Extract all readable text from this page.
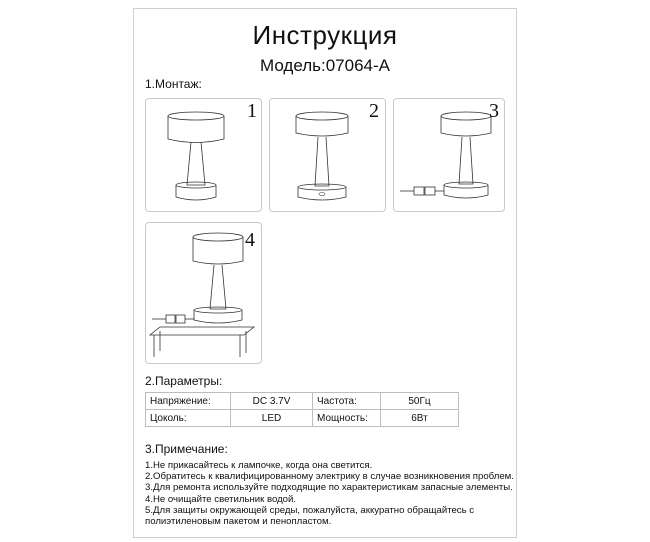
Инструкция
Модель:07064-A
1.Монтаж:
1	2	3
4
2.Параметры:
Напряжение:	DC 3.7V	Частота:	50Гц
Цоколь:	LED	Мощность:	6Вт
3.Примечание:
1.Не прикасайтесь к лампочке, когда она светится.
2.Обратитесь к квалифицированному электрику в случае возникновения проблем.
3.Для ремонта используйте подходящие по характеристикам запасные элементы.
4.Не очищайте светильник водой.
5.Для защиты окружающей среды, пожалуйста, аккуратно обращайтесь с
полиэтиленовым пакетом и пенопластом.
